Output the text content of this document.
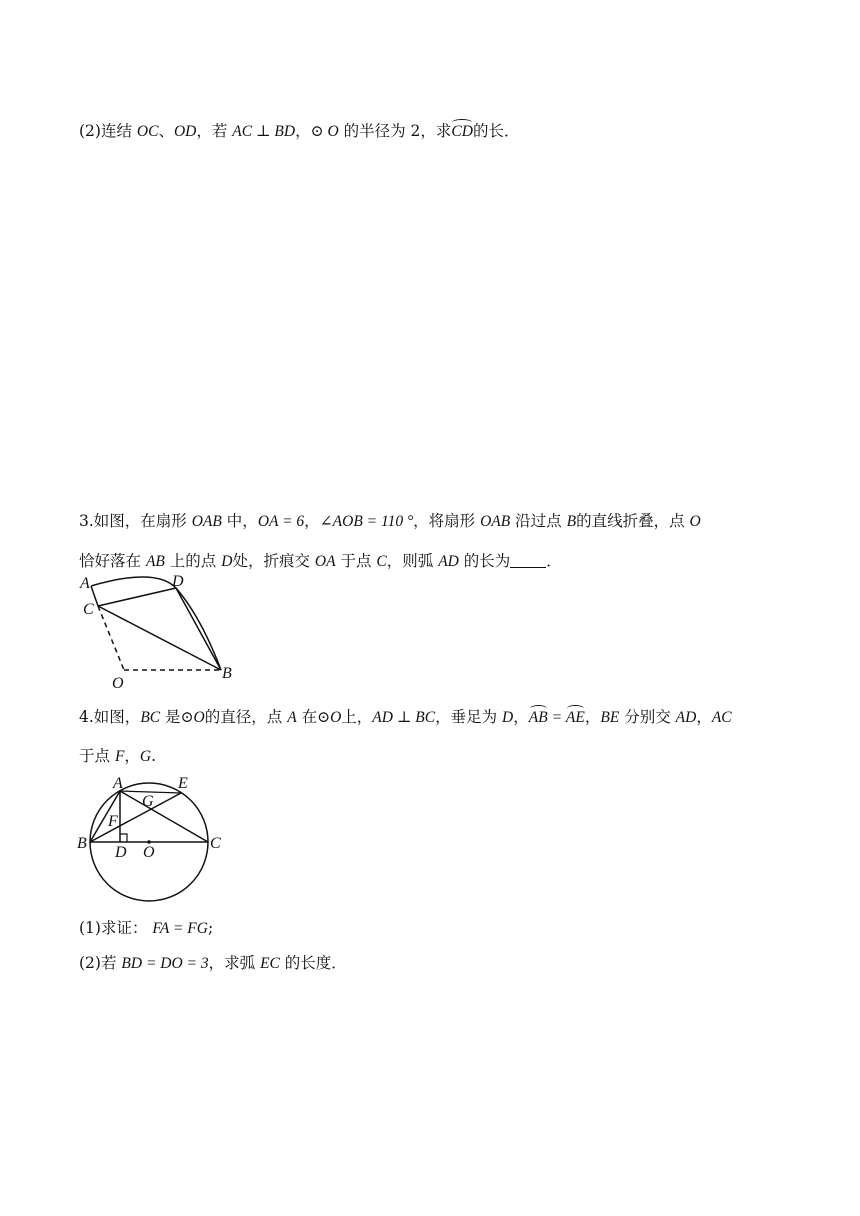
(2)连结 OC、OD，若 AC ⊥ BD，⊙ O 的半径为 2，求
CD的长．
3.如图，在扇形 OAB 中，OA = 6，∠AOB = 110 °，将扇形 OAB 沿过点 B的直线折叠，点 O
恰好落在 AB 上的点 D处，折痕交 OA 于点 C，则弧 AD 的长为 ．
A	D
C
B
O
4.如图，BC 是⊙O的直径，点 A 在⊙O上，AD ⊥ BC，垂足为 D，
AB =
AE，BE 分别交 AD，AC
于点 F，G.
A	E
G
F
B
D O
C
(1)求证： FA = FG;
(2)若 BD = DO = 3，求弧 EC 的长度．
